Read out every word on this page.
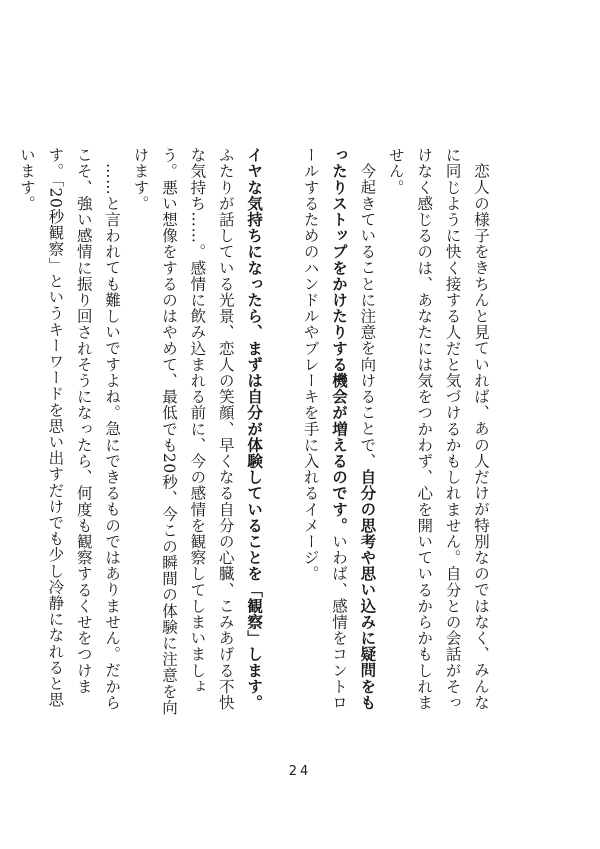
恋人の様子をきちんと見ていれば、あの人だけが特別なのではなく、みんなに同じように快く接する人だと気づけるかもしれません。自分との会話がそっけなく感じるのは、あなたには気をつかわず、心を開いているからかもしれません。

今起きていることに注意を向けることで、自分の思考や思い込みに疑問をもったりストップをかけたりする機会が増えるのです。いわば、感情をコントロールするためのハンドルやブレーキを手に入れるイメージ。

イヤな気持ちになったら、まずは自分が体験していることを「観察」します。ふたりが話している光景、恋人の笑顔、早くなる自分の心臓、こみあげる不快な気持ち……。感情に飲み込まれる前に、今の感情を観察してしまいましょう。悪い想像をするのはやめて、最低でも20秒、今この瞬間の体験に注意を向けます。

……と言われても難しいですよね。急にできるものではありません。だからこそ、強い感情に振り回されそうになったら、何度も観察するくせをつけます。「20秒観察」というキーワードを思い出すだけでも少し冷静になれると思います。

24
